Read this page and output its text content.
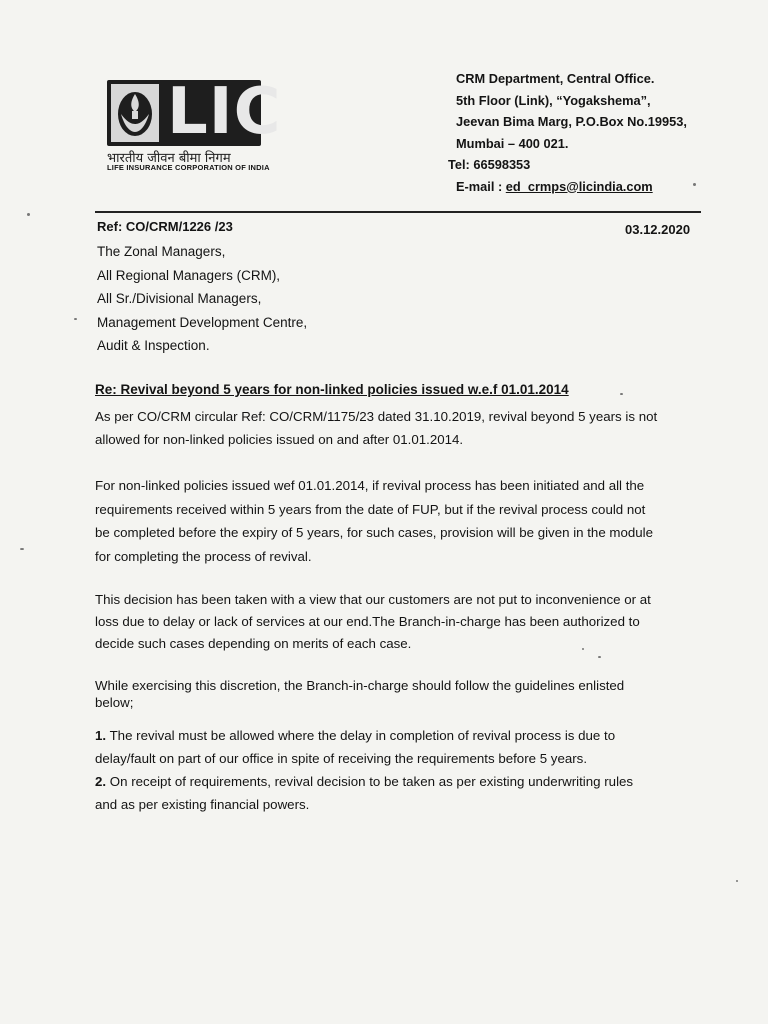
LIC
भारतीय जीवन बीमा निगम
LIFE INSURANCE CORPORATION OF INDIA
CRM Department, Central Office.
5th Floor (Link), “Yogakshema”,
Jeevan Bima Marg, P.O.Box No.19953,
Mumbai – 400 021.
Tel: 66598353
E-mail : ed_crmps@licindia.com
Ref: CO/CRM/1226 /23	03.12.2020
The Zonal Managers,
All Regional Managers (CRM),
All Sr./Divisional Managers,
Management Development Centre,
Audit & Inspection.
Re: Revival beyond 5 years for non-linked policies issued w.e.f 01.01.2014
As per CO/CRM circular Ref: CO/CRM/1175/23 dated 31.10.2019, revival beyond 5 years is not
allowed for non-linked policies issued on and after 01.01.2014.
For non-linked policies issued wef 01.01.2014, if revival process has been initiated and all the
requirements received within 5 years from the date of FUP, but if the revival process could not
be completed before the expiry of 5 years, for such cases, provision will be given in the module
for completing the process of revival.
This decision has been taken with a view that our customers are not put to inconvenience or at
loss due to delay or lack of services at our end.The Branch-in-charge has been authorized to
decide such cases depending on merits of each case.
While exercising this discretion, the Branch-in-charge should follow the guidelines enlisted
below;
1. The revival must be allowed where the delay in completion of revival process is due to
delay/fault on part of our office in spite of receiving the requirements before 5 years.
2. On receipt of requirements, revival decision to be taken as per existing underwriting rules
and as per existing financial powers.
